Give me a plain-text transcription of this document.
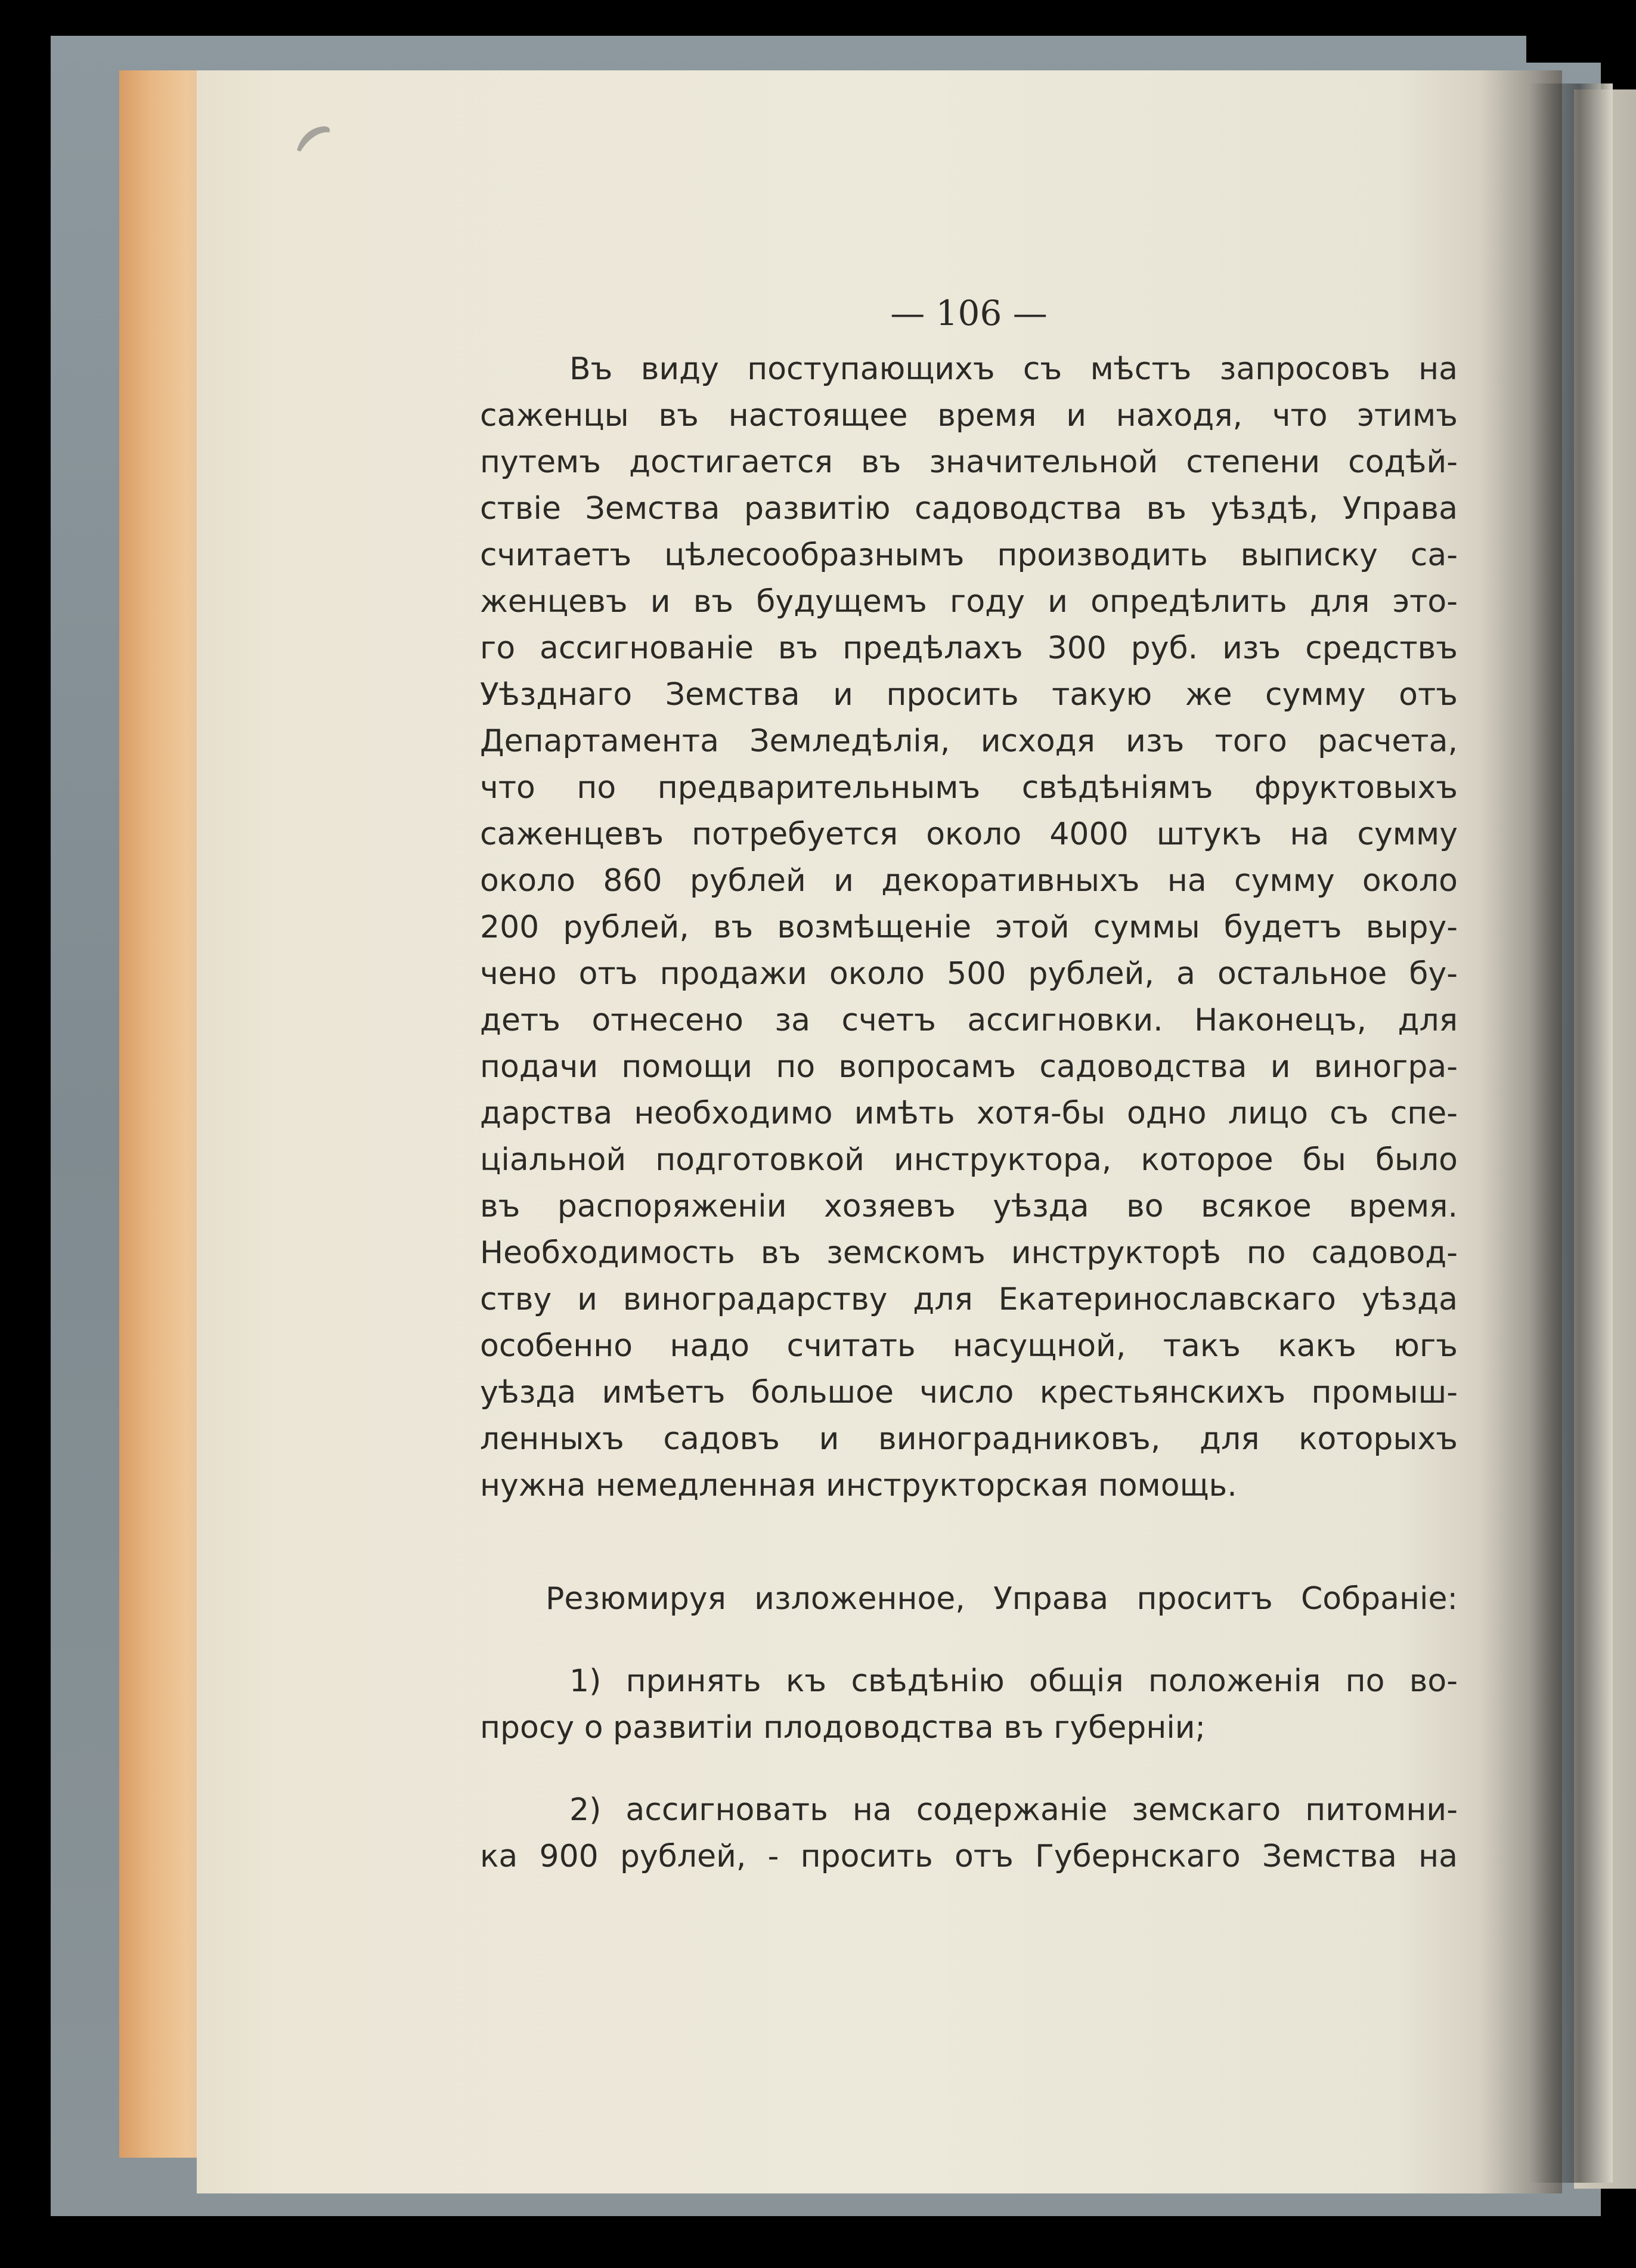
— 106 —
Въ виду поступающихъ съ мѣстъ запросовъ на
саженцы въ настоящее время и находя, что этимъ
путемъ достигается въ значительной степени содѣй-
ствiе Земства развитiю садоводства въ уѣздѣ, Управа
считаетъ цѣлесообразнымъ производить выписку са-
женцевъ и въ будущемъ году и опредѣлить для это-
го ассигнованiе въ предѣлахъ 300 руб. изъ средствъ
Уѣзднаго Земства и просить такую же сумму отъ
Департамента Земледѣлiя, исходя изъ того расчета,
что по предварительнымъ свѣдѣнiямъ фруктовыхъ
саженцевъ потребуется около 4000 штукъ на сумму
около 860 рублей и декоративныхъ на сумму около
200 рублей, въ возмѣщенiе этой суммы будетъ выру-
чено отъ продажи около 500 рублей, а остальное бу-
детъ отнесено за счетъ ассигновки. Наконецъ, для
подачи помощи по вопросамъ садоводства и виногра-
дарства необходимо имѣть хотя-бы одно лицо съ спе-
цiальной подготовкой инструктора, которое бы было
въ распоряженiи хозяевъ уѣзда во всякое время.
Необходимость въ земскомъ инструкторѣ по садовод-
ству и виноградарству для Екатеринославскаго уѣзда
особенно надо считать насущной, такъ какъ югъ
уѣзда имѣетъ большое число крестьянскихъ промыш-
ленныхъ садовъ и виноградниковъ, для которыхъ
нужна немедленная инструкторская помощь.
Резюмируя изложенное, Управа проситъ Собранiе:
1) принять къ свѣдѣнiю общiя положенiя по во-
просу о развитiи плодоводства въ губернiи;
2) ассигновать на содержанiе земскаго питомни-
ка 900 рублей, - просить отъ Губернскаго Земства на
